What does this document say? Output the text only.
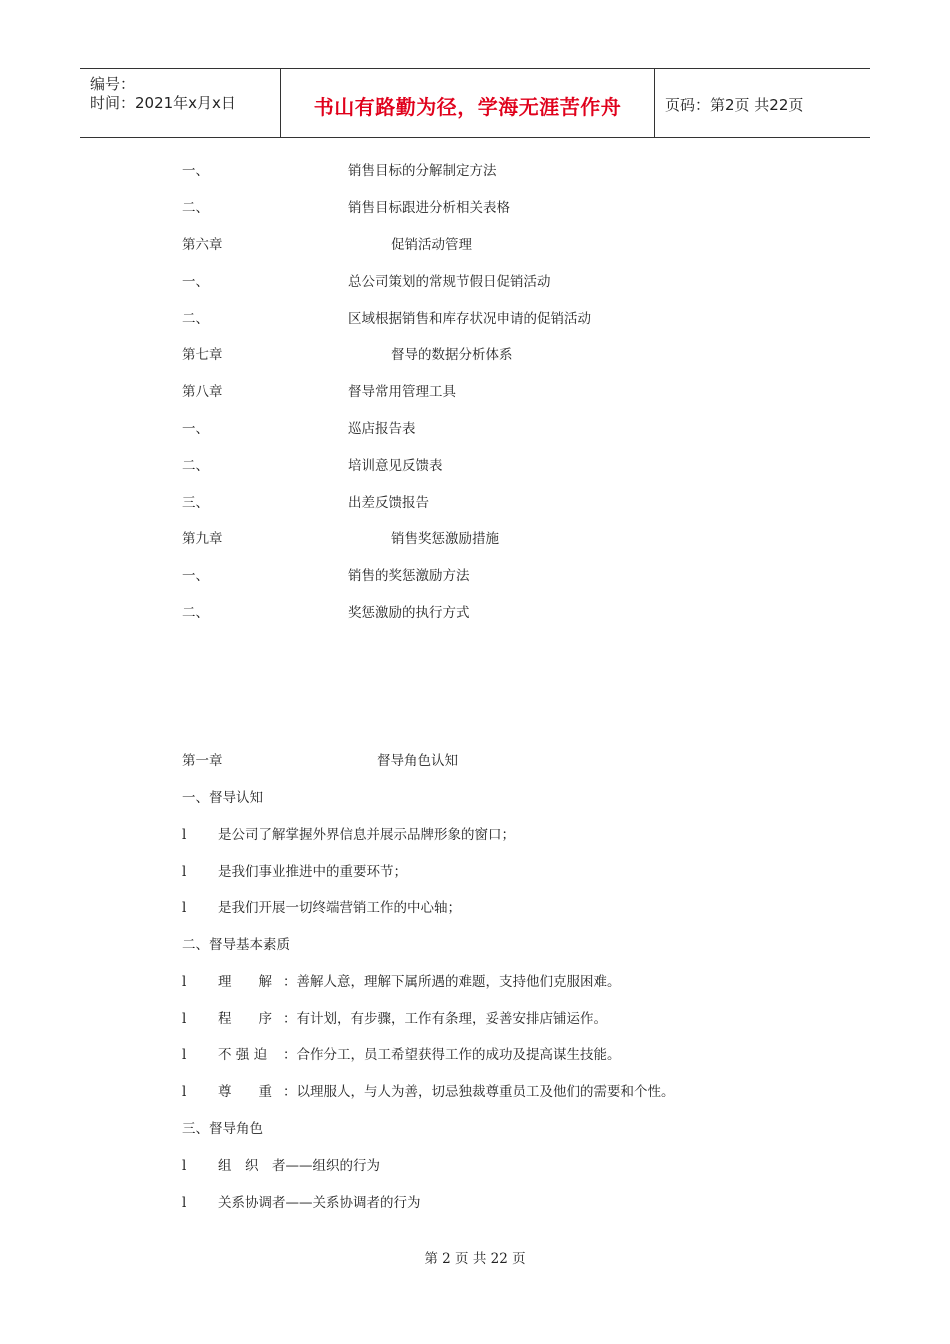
编号：
时间：2021年x月x日	书山有路勤为径，学海无涯苦作舟	页码：第2页 共22页
一、	销售目标的分解制定方法
二、	销售目标跟进分析相关表格
第六章	促销活动管理
一、	总公司策划的常规节假日促销活动
二、	区域根据销售和库存状况申请的促销活动
第七章	督导的数据分析体系
第八章	督导常用管理工具
一、	巡店报告表
二、	培训意见反馈表
三、	出差反馈报告
第九章	销售奖惩激励措施
一、	销售的奖惩激励方法
二、	奖惩激励的执行方式
第一章	督导角色认知
一、督导认知
l 是公司了解掌握外界信息并展示品牌形象的窗口；
l 是我们事业推进中的重要环节；
l 是我们开展一切终端营销工作的中心轴；
二、督导基本素质
l 理　　解 ：善解人意，理解下属所遇的难题，支持他们克服困难。
l 程　　序 ：有计划，有步骤，工作有条理，妥善安排店铺运作。
l 不 强 迫 ：合作分工，员工希望获得工作的成功及提高谋生技能。
l 尊　　重 ：以理服人，与人为善，切忌独裁尊重员工及他们的需要和个性。
三、督导角色
l 组　织　者——组织的行为
l 关系协调者——关系协调者的行为
第 2 页 共 22 页
